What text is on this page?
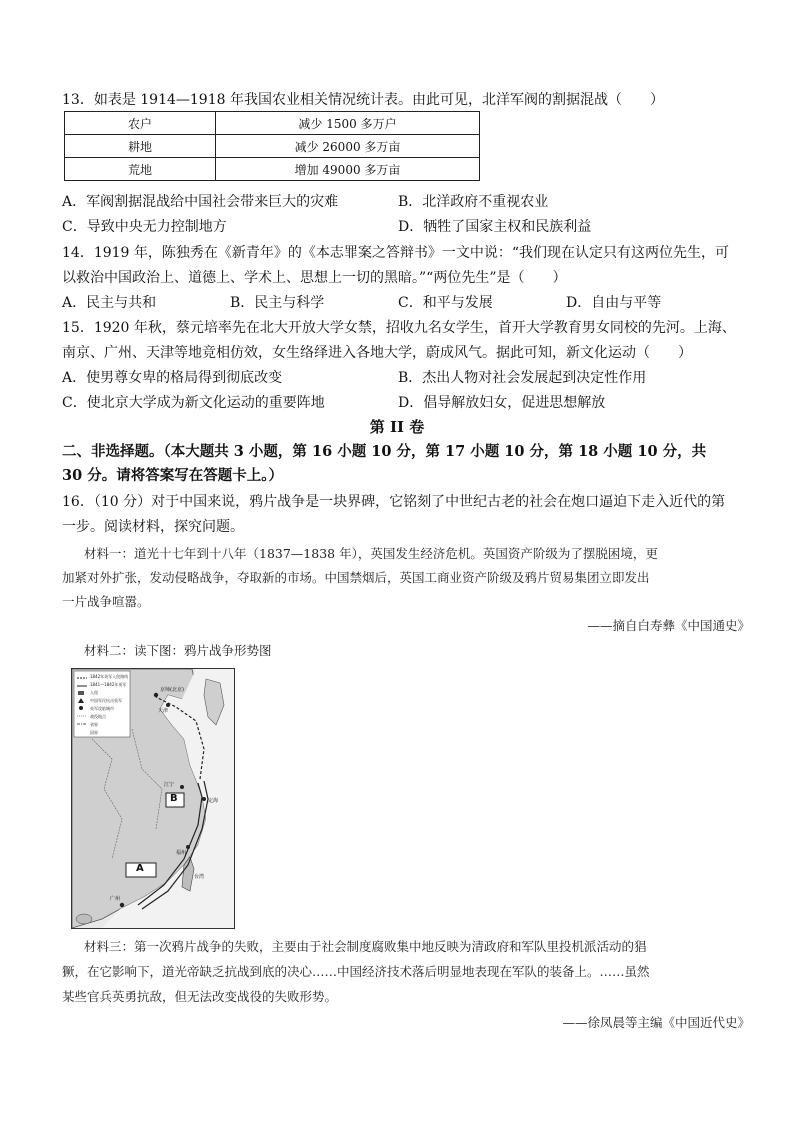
13．如表是 1914—1918 年我国农业相关情况统计表。由此可见，北洋军阀的割据混战（　　）
农户	减少 1500 多万户
耕地	减少 26000 多万亩
荒地	增加 49000 多万亩
A．军阀割据混战给中国社会带来巨大的灾难	B．北洋政府不重视农业
C．导致中央无力控制地方	D．牺牲了国家主权和民族利益
14．1919 年，陈独秀在《新青年》的《本志罪案之答辩书》一文中说：“我们现在认定只有这两位先生，可
以救治中国政治上、道德上、学术上、思想上一切的黑暗。”“两位先生”是（　　）
A．民主与共和	B．民主与科学	C．和平与发展	D．自由与平等
15．1920 年秋，蔡元培率先在北大开放大学女禁，招收九名女学生，首开大学教育男女同校的先河。上海、
南京、广州、天津等地竞相仿效，女生络绎进入各地大学，蔚成风气。据此可知，新文化运动（　　）
A．使男尊女卑的格局得到彻底改变	B．杰出人物对社会发展起到决定性作用
C．使北京大学成为新文化运动的重要阵地	D．倡导解放妇女，促进思想解放
第 II 卷
二、非选择题。（本大题共 3 小题，第 16 小题 10 分，第 17 小题 10 分，第 18 小题 10 分，共
30 分。请将答案写在答题卡上。）
16．（10 分）对于中国来说，鸦片战争是一块界碑，它铭刻了中世纪古老的社会在炮口逼迫下走入近代的第
一步。阅读材料，探究问题。
材料一：道光十七年到十八年（1837—1838 年），英国发生经济危机。英国资产阶级为了摆脱困境，更
加紧对外扩张，发动侵略战争，夺取新的市场。中国禁烟后，英国工商业资产阶级及鸦片贸易集团立即发出
一片战争喧嚣。
——摘自白寿彝《中国通史》
材料二：读下图：鸦片战争形势图
1842年英军入侵路线
1841—1842年英军入侵
中国军民抗击英军
英军攻陷城市
战役地点
省界
国界
京师(北京)
天津
江宁
定海
福州
广州
台湾
B
A
材料三：第一次鸦片战争的失败，主要由于社会制度腐败集中地反映为清政府和军队里投机派活动的猖
獗，在它影响下，道光帝缺乏抗战到底的决心……中国经济技术落后明显地表现在军队的装备上。……虽然
某些官兵英勇抗敌，但无法改变战役的失败形势。
——徐凤晨等主编《中国近代史》
